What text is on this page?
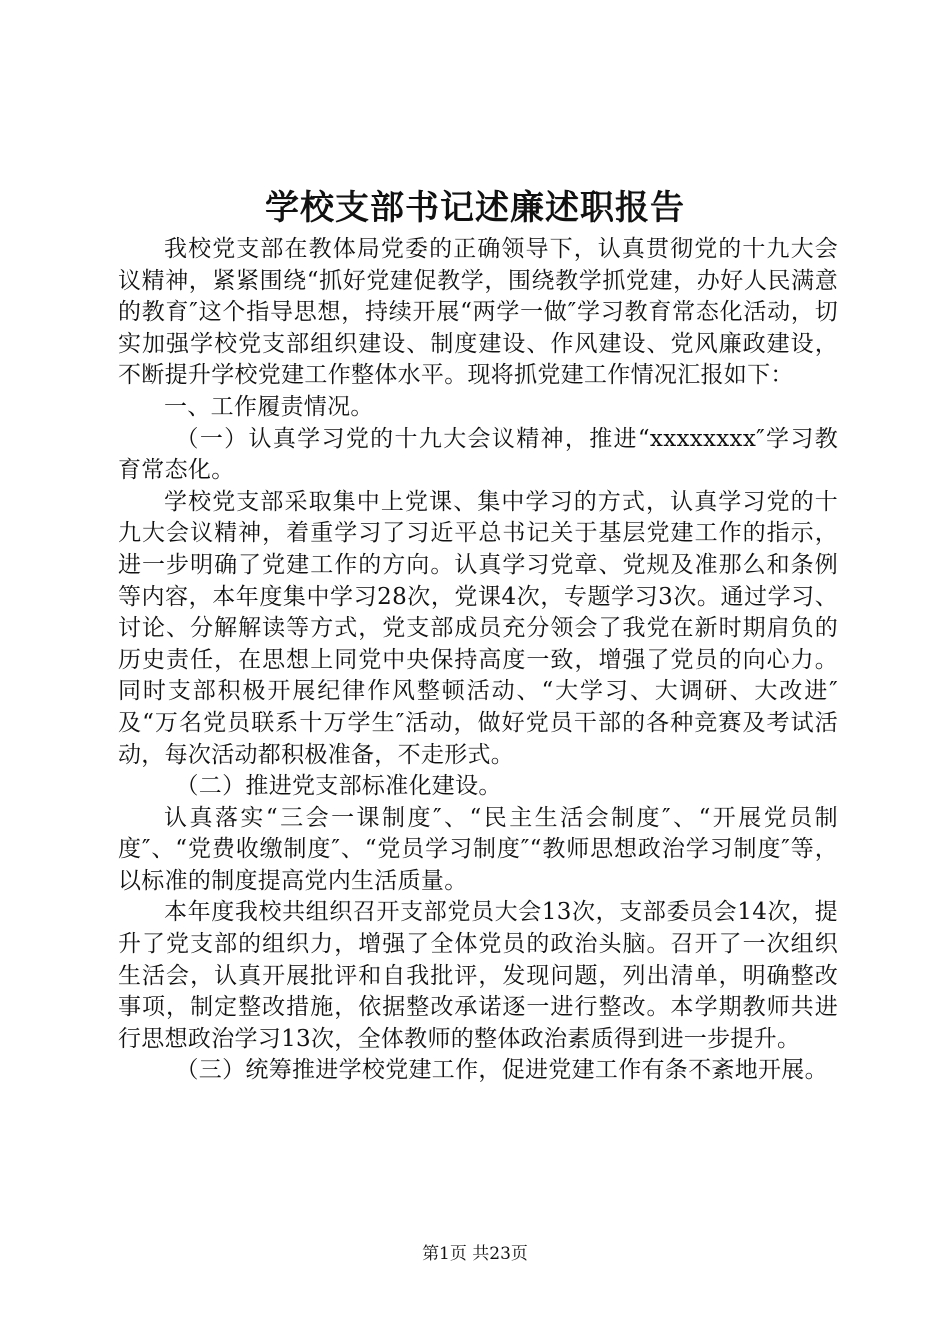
学校支部书记述廉述职报告

我校党支部在教体局党委的正确领导下，认真贯彻党的十九大会议精神，紧紧围绕“抓好党建促教学，围绕教学抓党建，办好人民满意的教育″这个指导思想，持续开展“两学一做″学习教育常态化活动，切实加强学校党支部组织建设、制度建设、作风建设、党风廉政建设，不断提升学校党建工作整体水平。现将抓党建工作情况汇报如下：

一、工作履责情况。

（一）认真学习党的十九大会议精神，推进“xxxxxxxx″学习教育常态化。

学校党支部采取集中上党课、集中学习的方式，认真学习党的十九大会议精神，着重学习了习近平总书记关于基层党建工作的指示，进一步明确了党建工作的方向。认真学习党章、党规及准那么和条例等内容，本年度集中学习28次，党课4次，专题学习3次。通过学习、讨论、分解解读等方式，党支部成员充分领会了我党在新时期肩负的历史责任，在思想上同党中央保持高度一致，增强了党员的向心力。同时支部积极开展纪律作风整顿活动、“大学习、大调研、大改进″及“万名党员联系十万学生″活动，做好党员干部的各种竞赛及考试活动，每次活动都积极准备，不走形式。

（二）推进党支部标准化建设。

认真落实“三会一课制度″、“民主生活会制度″、“开展党员制度″、“党费收缴制度″、“党员学习制度″“教师思想政治学习制度″等，以标准的制度提高党内生活质量。

本年度我校共组织召开支部党员大会13次，支部委员会14次，提升了党支部的组织力，增强了全体党员的政治头脑。召开了一次组织生活会，认真开展批评和自我批评，发现问题，列出清单，明确整改事项，制定整改措施，依据整改承诺逐一进行整改。本学期教师共进行思想政治学习13次，全体教师的整体政治素质得到进一步提升。

（三）统筹推进学校党建工作，促进党建工作有条不紊地开展。

第1页 共23页
